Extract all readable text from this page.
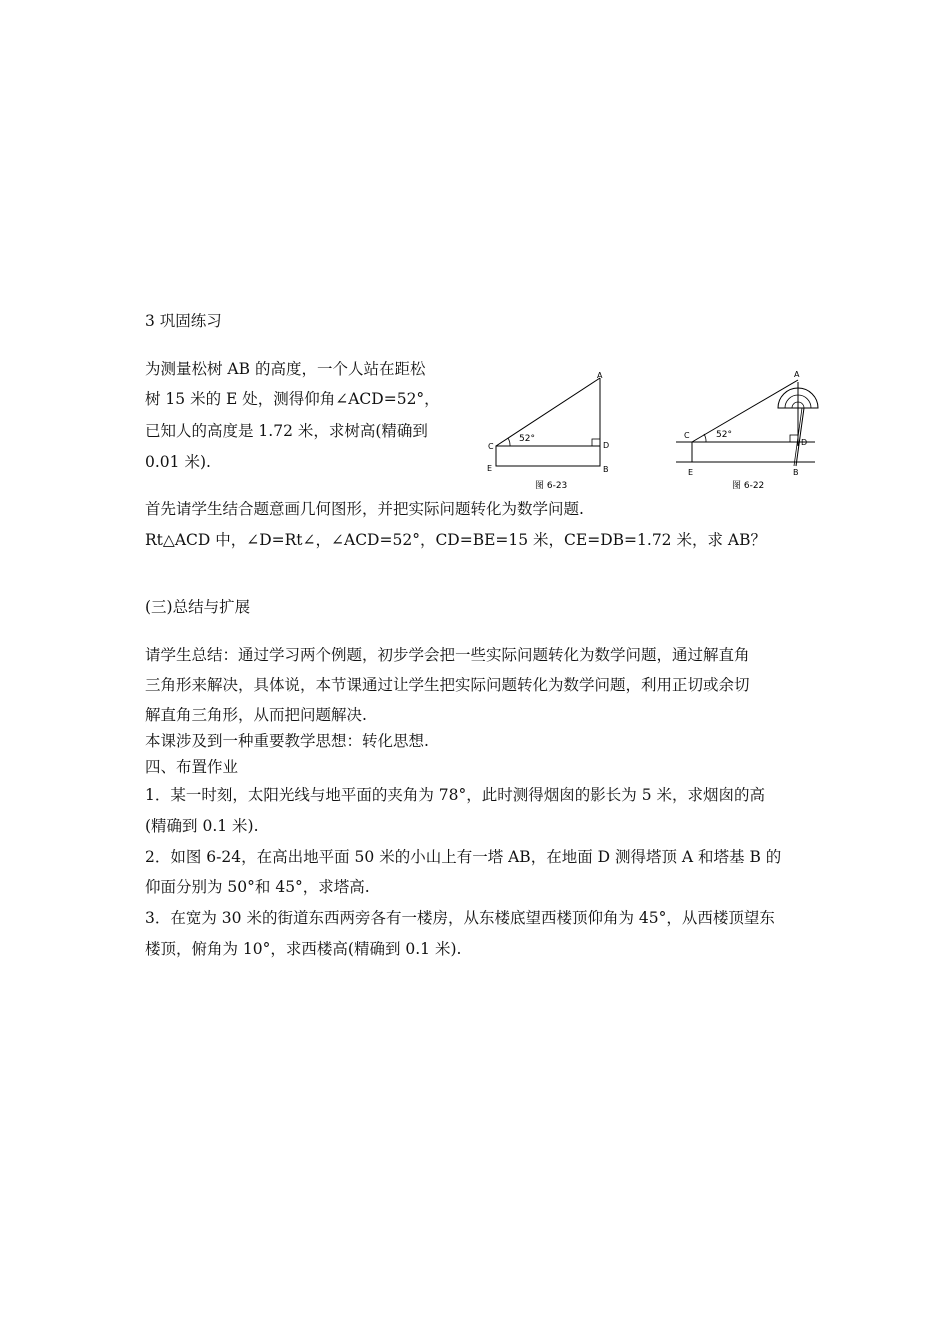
3 巩固练习
为测量松树 AB 的高度，一个人站在距松
树 15 米的 E 处，测得仰角∠ACD=52°，
已知人的高度是 1.72 米，求树高(精确到
0.01 米).
52°
A
C	D
E	B
图 6-23
52°
A
C
D
E	B
图 6-22
首先请学生结合题意画几何图形，并把实际问题转化为数学问题.
Rt△ACD 中，∠D=Rt∠，∠ACD=52°，CD=BE=15 米，CE=DB=1.72 米，求 AB？
(三)总结与扩展
请学生总结：通过学习两个例题，初步学会把一些实际问题转化为数学问题，通过解直角
三角形来解决，具体说，本节课通过让学生把实际问题转化为数学问题，利用正切或余切
解直角三角形，从而把问题解决.
本课涉及到一种重要教学思想：转化思想.
四、布置作业
1．某一时刻，太阳光线与地平面的夹角为 78°，此时测得烟囱的影长为 5 米，求烟囱的高
(精确到 0.1 米).
2．如图 6-24，在高出地平面 50 米的小山上有一塔 AB，在地面 D 测得塔顶 A 和塔基 B 的
仰面分别为 50°和 45°，求塔高.
3．在宽为 30 米的街道东西两旁各有一楼房，从东楼底望西楼顶仰角为 45°，从西楼顶望东
楼顶，俯角为 10°，求西楼高(精确到 0.1 米).
